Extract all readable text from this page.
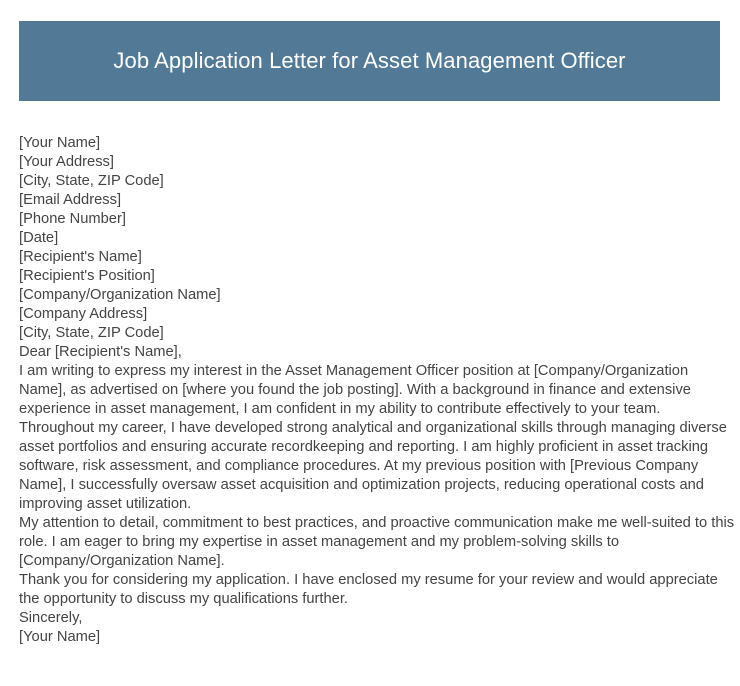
Job Application Letter for Asset Management Officer

[Your Name]

[Your Address]

[City, State, ZIP Code]

[Email Address]

[Phone Number]

[Date]

[Recipient's Name]

[Recipient's Position]

[Company/Organization Name]

[Company Address]

[City, State, ZIP Code]

Dear [Recipient's Name],

I am writing to express my interest in the Asset Management Officer position at [Company/Organization Name], as advertised on [where you found the job posting]. With a background in finance and extensive experience in asset management, I am confident in my ability to contribute effectively to your team.

Throughout my career, I have developed strong analytical and organizational skills through managing diverse asset portfolios and ensuring accurate recordkeeping and reporting. I am highly proficient in asset tracking software, risk assessment, and compliance procedures. At my previous position with [Previous Company Name], I successfully oversaw asset acquisition and optimization projects, reducing operational costs and improving asset utilization.

My attention to detail, commitment to best practices, and proactive communication make me well-suited to this role. I am eager to bring my expertise in asset management and my problem-solving skills to [Company/Organization Name].

Thank you for considering my application. I have enclosed my resume for your review and would appreciate the opportunity to discuss my qualifications further.

Sincerely,

[Your Name]
